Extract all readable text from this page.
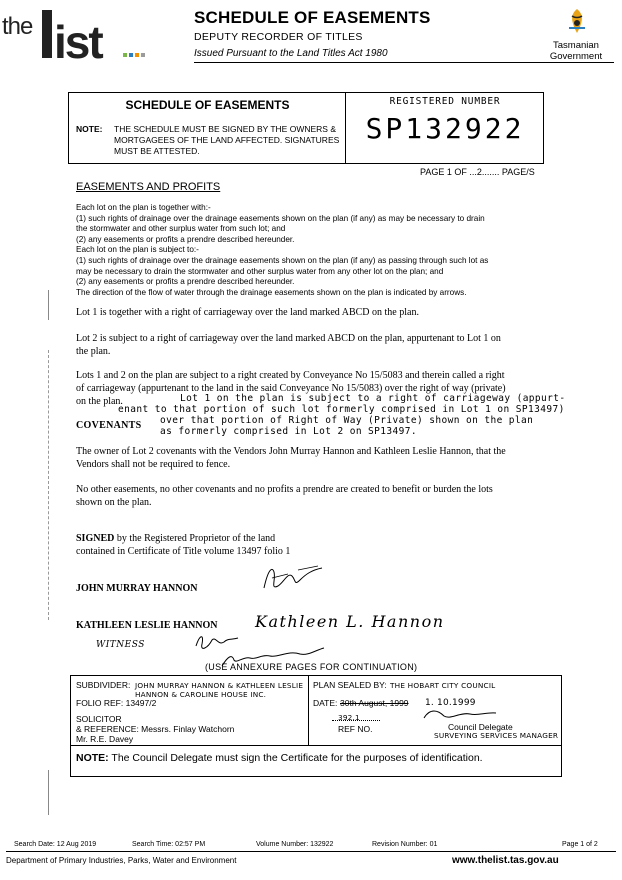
the ist	SCHEDULE OF EASEMENTS
DEPUTY RECORDER OF TITLES
Issued Pursuant to the Land Titles Act 1980
Tasmanian
Government
SCHEDULE OF EASEMENTS
NOTE: THE SCHEDULE MUST BE SIGNED BY THE OWNERS & MORTGAGEES OF THE LAND AFFECTED. SIGNATURES MUST BE ATTESTED.
REGISTERED NUMBER
SP132922
PAGE 1 OF ...2....... PAGE/S
EASEMENTS AND PROFITS
Each lot on the plan is together with:-
(1) such rights of drainage over the drainage easements shown on the plan (if any) as may be necessary to drain
the stormwater and other surplus water from such lot; and
(2) any easements or profits a prendre described hereunder.
Each lot on the plan is subject to:-
(1) such rights of drainage over the drainage easements shown on the plan (if any) as passing through such lot as
may be necessary to drain the stormwater and other surplus water from any other lot on the plan; and
(2) any easements or profits a prendre described hereunder.
The direction of the flow of water through the drainage easements shown on the plan is indicated by arrows.
Lot 1 is together with a right of carriageway over the land marked ABCD on the plan.
Lot 2 is subject to a right of carriageway over the land marked ABCD on the plan, appurtenant to Lot 1 on
the plan.
Lots 1 and 2 on the plan are subject to a right created by Conveyance No 15/5083 and therein called a right
of carriageway (appurtenant to the land in the said Conveyance No 15/5083) over the right of way (private)
on the plan.	Lot 1 on the plan is subject to a right of carriageway (appurt-
enant to that portion of such lot formerly comprised in Lot 1 on SP13497)
COVENANTS over that portion of Right of Way (Private) shown on the plan
as formerly comprised in Lot 2 on SP13497.
The owner of Lot 2 covenants with the Vendors John Murray Hannon and Kathleen Leslie Hannon, that the
Vendors shall not be required to fence.
No other easements, no other covenants and no profits a prendre are created to benefit or burden the lots
shown on the plan.
SIGNED by the Registered Proprietor of the land
contained in Certificate of Title volume 13497 folio 1
JOHN MURRAY HANNON
KATHLEEN LESLIE HANNON Kathleen L. Hannon
WITNESS
(USE ANNEXURE PAGES FOR CONTINUATION)
SUBDIVIDER: JOHN MURRAY HANNON & KATHLEEN LESLIE
HANNON & CAROLINE HOUSE INC.
FOLIO REF: 13497/2
SOLICITOR
& REFERENCE: Messrs. Finlay Watchorn
Mr. R.E. Davey
PLAN SEALED BY: THE HOBART CITY COUNCIL
DATE: 30th August, 1999 1. 10.1999
392.1
REF NO.	Council Delegate
SURVEYING SERVICES MANAGER
NOTE: The Council Delegate must sign the Certificate for the purposes of identification.
Search Date: 12 Aug 2019	Search Time: 02:57 PM	Volume Number: 132922	Revision Number: 01	Page 1 of 2
Department of Primary Industries, Parks, Water and Environment	www.thelist.tas.gov.au
